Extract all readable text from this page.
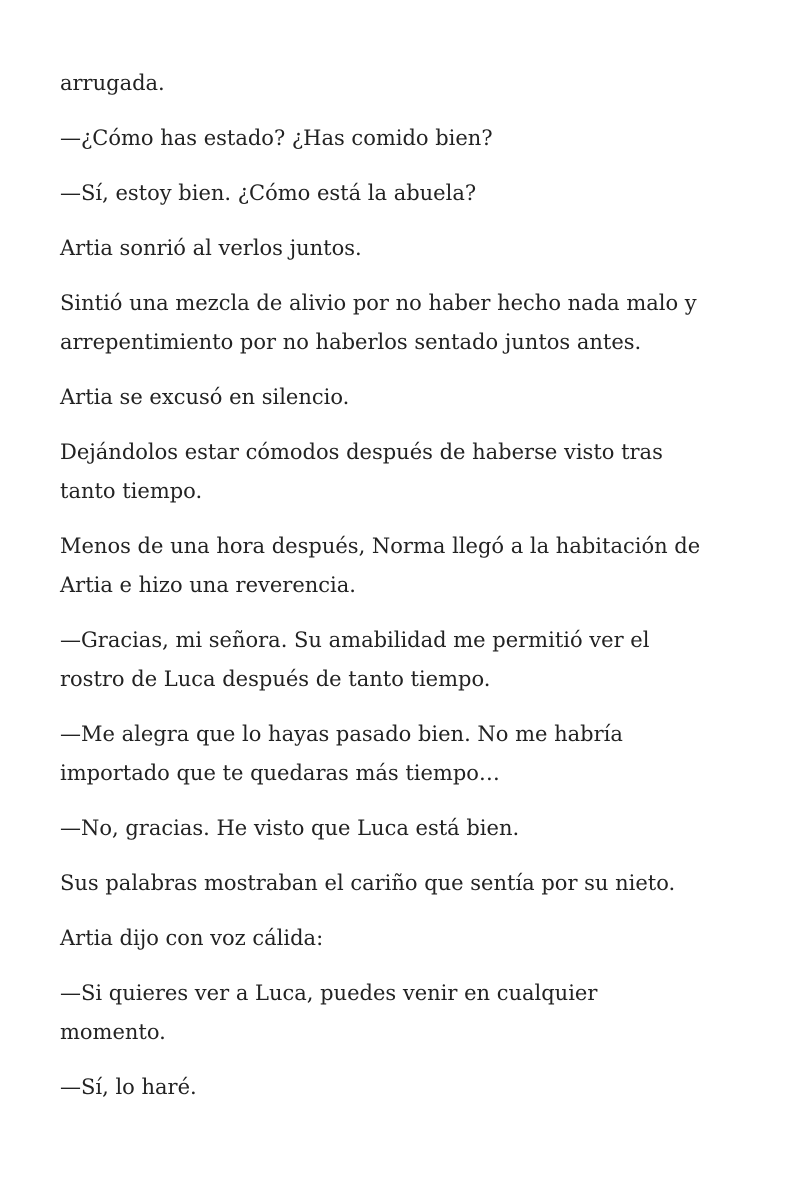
arrugada.

—¿Cómo has estado? ¿Has comido bien?

—Sí, estoy bien. ¿Cómo está la abuela?

Artia sonrió al verlos juntos.

Sintió una mezcla de alivio por no haber hecho nada malo y
arrepentimiento por no haberlos sentado juntos antes.

Artia se excusó en silencio.

Dejándolos estar cómodos después de haberse visto tras
tanto tiempo.

Menos de una hora después, Norma llegó a la habitación de
Artia e hizo una reverencia.

—Gracias, mi señora. Su amabilidad me permitió ver el
rostro de Luca después de tanto tiempo.

—Me alegra que lo hayas pasado bien. No me habría
importado que te quedaras más tiempo…

—No, gracias. He visto que Luca está bien.

Sus palabras mostraban el cariño que sentía por su nieto.

Artia dijo con voz cálida:

—Si quieres ver a Luca, puedes venir en cualquier
momento.

—Sí, lo haré.
